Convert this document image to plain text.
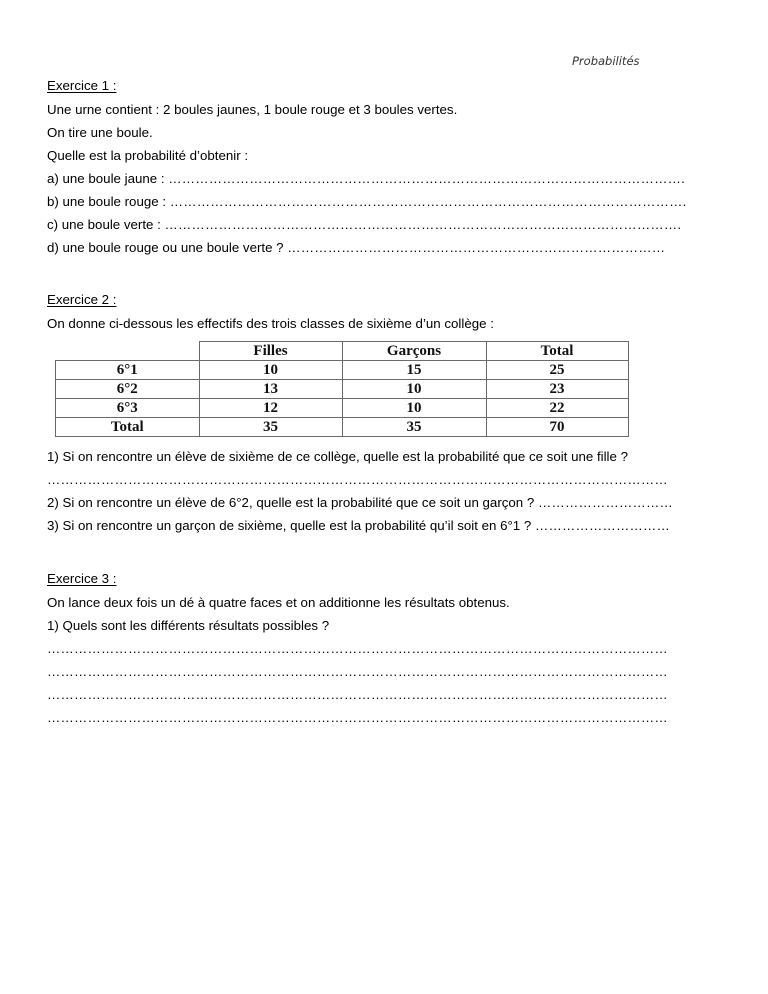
Probabilités
Exercice 1 :
Une urne contient : 2 boules jaunes, 1 boule rouge et 3 boules vertes.
On tire une boule.
Quelle est la probabilité d’obtenir :
a) une boule jaune : …………………………………………………………………………………………………….
b) une boule rouge : …………………………………………………………………………………………………….
c) une boule verte : …………………………………………………………………………………………………….
d) une boule rouge ou une boule verte ? …………………………………………………………………………
Exercice 2 :
On donne ci-dessous les effectifs des trois classes de sixième d’un collège :
	Filles	Garçons	Total
6°1	10	15	25
6°2	13	10	23
6°3	12	10	22
Total	35	35	70
1) Si on rencontre un élève de sixième de ce collège, quelle est la probabilité que ce soit une fille ?
…………………………………………………………………………………………………………………………
2) Si on rencontre un élève de 6°2, quelle est la probabilité que ce soit un garçon ? …………………………
3) Si on rencontre un garçon de sixième, quelle est la probabilité qu’il soit en 6°1 ? …………………………
Exercice 3 :
On lance deux fois un dé à quatre faces et on additionne les résultats obtenus.
1) Quels sont les différents résultats possibles ?
…………………………………………………………………………………………………………………………
…………………………………………………………………………………………………………………………
…………………………………………………………………………………………………………………………
…………………………………………………………………………………………………………………………
